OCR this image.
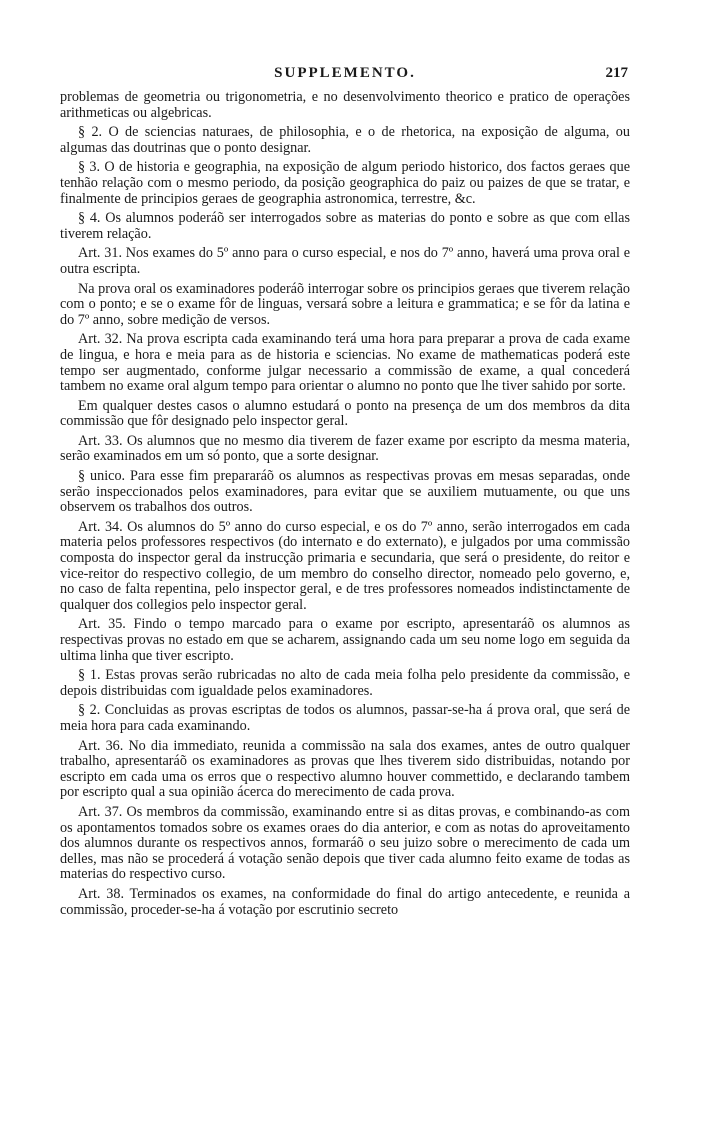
SUPPLEMENTO.	217

problemas de geometria ou trigonometria, e no desenvolvimento theorico e pratico de operações arithmeticas ou algebricas.

§ 2. O de sciencias naturaes, de philosophia, e o de rhetorica, na exposição de alguma, ou algumas das doutrinas que o ponto designar.

§ 3. O de historia e geographia, na exposição de algum periodo historico, dos factos geraes que tenhão relação com o mesmo periodo, da posição geographica do paiz ou paizes de que se tratar, e finalmente de principios geraes de geographia astronomica, terrestre, &c.

§ 4. Os alumnos poderáõ ser interrogados sobre as materias do ponto e sobre as que com ellas tiverem relação.

Art. 31. Nos exames do 5º anno para o curso especial, e nos do 7º anno, haverá uma prova oral e outra escripta.

Na prova oral os examinadores poderáõ interrogar sobre os principios geraes que tiverem relação com o ponto; e se o exame fôr de linguas, versará sobre a leitura e grammatica; e se fôr da latina e do 7º anno, sobre medição de versos.

Art. 32. Na prova escripta cada examinando terá uma hora para preparar a prova de cada exame de lingua, e hora e meia para as de historia e sciencias. No exame de mathematicas poderá este tempo ser augmentado, conforme julgar necessario a commissão de exame, a qual concederá tambem no exame oral algum tempo para orientar o alumno no ponto que lhe tiver sahido por sorte.

Em qualquer destes casos o alumno estudará o ponto na presença de um dos membros da dita commissão que fôr designado pelo inspector geral.

Art. 33. Os alumnos que no mesmo dia tiverem de fazer exame por escripto da mesma materia, serão examinados em um só ponto, que a sorte designar.

§ unico. Para esse fim prepararáõ os alumnos as respectivas provas em mesas separadas, onde serão inspeccionados pelos examinadores, para evitar que se auxiliem mutuamente, ou que uns observem os trabalhos dos outros.

Art. 34. Os alumnos do 5º anno do curso especial, e os do 7º anno, serão interrogados em cada materia pelos professores respectivos (do internato e do externato), e julgados por uma commissão composta do inspector geral da instrucção primaria e secundaria, que será o presidente, do reitor e vice-reitor do respectivo collegio, de um membro do conselho director, nomeado pelo governo, e, no caso de falta repentina, pelo inspector geral, e de tres professores nomeados indistinctamente de qualquer dos collegios pelo inspector geral.

Art. 35. Findo o tempo marcado para o exame por escripto, apresentaráõ os alumnos as respectivas provas no estado em que se acharem, assignando cada um seu nome logo em seguida da ultima linha que tiver escripto.

§ 1. Estas provas serão rubricadas no alto de cada meia folha pelo presidente da commissão, e depois distribuidas com igualdade pelos examinadores.

§ 2. Concluidas as provas escriptas de todos os alumnos, passar-se-ha á prova oral, que será de meia hora para cada examinando.

Art. 36. No dia immediato, reunida a commissão na sala dos exames, antes de outro qualquer trabalho, apresentaráõ os examinadores as provas que lhes tiverem sido distribuidas, notando por escripto em cada uma os erros que o respectivo alumno houver commettido, e declarando tambem por escripto qual a sua opinião ácerca do merecimento de cada prova.

Art. 37. Os membros da commissão, examinando entre si as ditas provas, e combinando-as com os apontamentos tomados sobre os exames oraes do dia anterior, e com as notas do aproveitamento dos alumnos durante os respectivos annos, formaráõ o seu juizo sobre o merecimento de cada um delles, mas não se procederá á votação senão depois que tiver cada alumno feito exame de todas as materias do respectivo curso.

Art. 38. Terminados os exames, na conformidade do final do artigo antecedente, e reunida a commissão, proceder-se-ha á votação por escrutinio secreto
